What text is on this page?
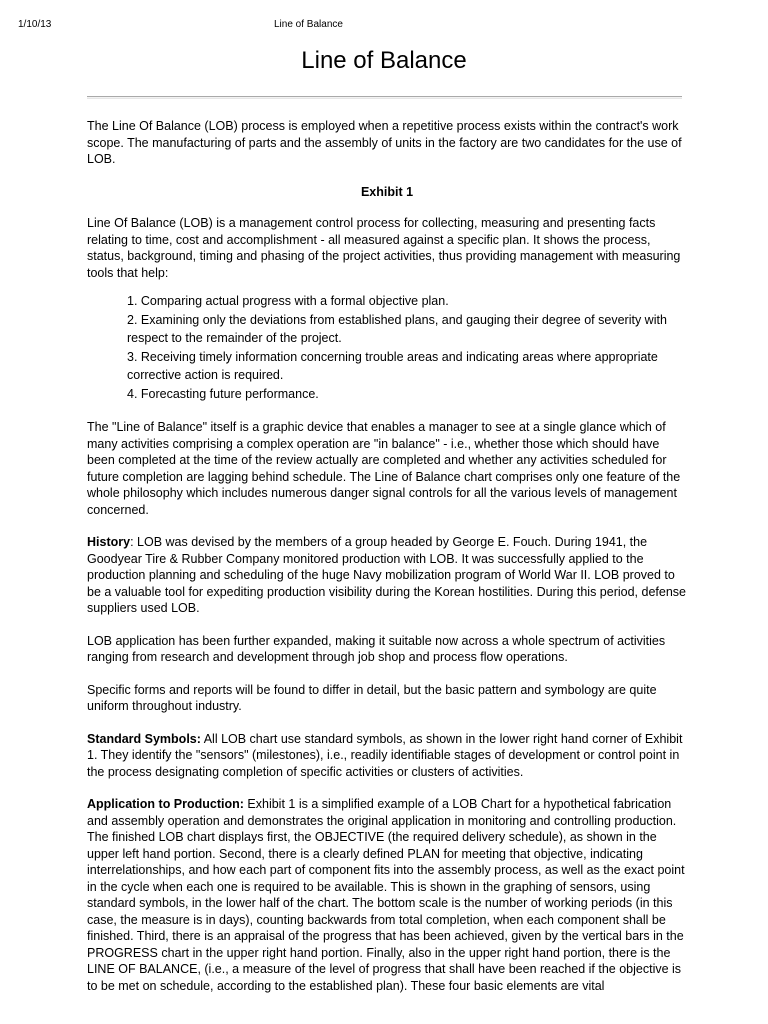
1/10/13	Line of Balance
Line of Balance

The Line Of Balance (LOB) process is employed when a repetitive process exists within the contract's work scope. The manufacturing of parts and the assembly of units in the factory are two candidates for the use of LOB.

Exhibit 1

Line Of Balance (LOB) is a management control process for collecting, measuring and presenting facts relating to time, cost and accomplishment - all measured against a specific plan. It shows the process, status, background, timing and phasing of the project activities, thus providing management with measuring tools that help:

1. Comparing actual progress with a formal objective plan.
2. Examining only the deviations from established plans, and gauging their degree of severity with respect to the remainder of the project.
3. Receiving timely information concerning trouble areas and indicating areas where appropriate corrective action is required.
4. Forecasting future performance.

The "Line of Balance" itself is a graphic device that enables a manager to see at a single glance which of many activities comprising a complex operation are "in balance" - i.e., whether those which should have been completed at the time of the review actually are completed and whether any activities scheduled for future completion are lagging behind schedule. The Line of Balance chart comprises only one feature of the whole philosophy which includes numerous danger signal controls for all the various levels of management concerned.

History: LOB was devised by the members of a group headed by George E. Fouch. During 1941, the Goodyear Tire & Rubber Company monitored production with LOB. It was successfully applied to the production planning and scheduling of the huge Navy mobilization program of World War II. LOB proved to be a valuable tool for expediting production visibility during the Korean hostilities. During this period, defense suppliers used LOB.

LOB application has been further expanded, making it suitable now across a whole spectrum of activities ranging from research and development through job shop and process flow operations.

Specific forms and reports will be found to differ in detail, but the basic pattern and symbology are quite uniform throughout industry.

Standard Symbols: All LOB chart use standard symbols, as shown in the lower right hand corner of Exhibit 1. They identify the "sensors" (milestones), i.e., readily identifiable stages of development or control point in the process designating completion of specific activities or clusters of activities.

Application to Production: Exhibit 1 is a simplified example of a LOB Chart for a hypothetical fabrication and assembly operation and demonstrates the original application in monitoring and controlling production. The finished LOB chart displays first, the OBJECTIVE (the required delivery schedule), as shown in the upper left hand portion. Second, there is a clearly defined PLAN for meeting that objective, indicating interrelationships, and how each part of component fits into the assembly process, as well as the exact point in the cycle when each one is required to be available. This is shown in the graphing of sensors, using standard symbols, in the lower half of the chart. The bottom scale is the number of working periods (in this case, the measure is in days), counting backwards from total completion, when each component shall be finished. Third, there is an appraisal of the progress that has been achieved, given by the vertical bars in the PROGRESS chart in the upper right hand portion. Finally, also in the upper right hand portion, there is the LINE OF BALANCE, (i.e., a measure of the level of progress that shall have been reached if the objective is to be met on schedule, according to the established plan). These four basic elements are vital
